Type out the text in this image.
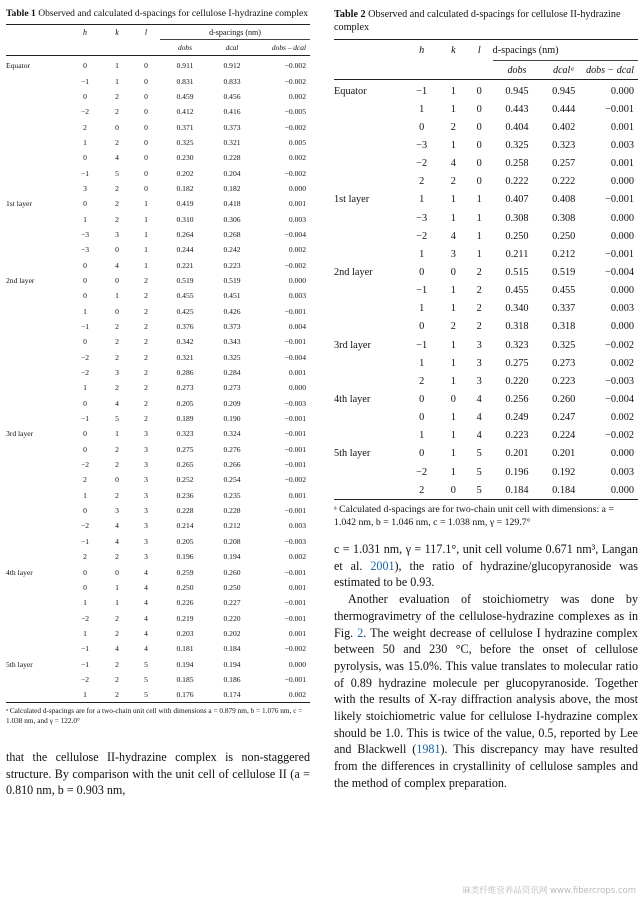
Table 1 Observed and calculated d-spacings for cellulose I-hydrazine complex
	h	k	l	d-spacings (nm)		
				dobs	dcal	dobs – dcal

Equator	0	1	0	0.911	0.912	−0.002
	−1	1	0	0.831	0.833	−0.002
	0	2	0	0.459	0.456	0.002
	−2	2	0	0.412	0.416	−0.005
	2	0	0	0.371	0.373	−0.002
	1	2	0	0.325	0.321	0.005
	0	4	0	0.230	0.228	0.002
	−1	5	0	0.202	0.204	−0.002
	3	2	0	0.182	0.182	0.000
1st layer	0	2	1	0.419	0.418	0.001
	1	2	1	0.310	0.306	0.003
	−3	3	1	0.264	0.268	−0.004
	−3	0	1	0.244	0.242	0.002
	0	4	1	0.221	0.223	−0.002
2nd layer	0	0	2	0.519	0.519	0.000
	0	1	2	0.455	0.451	0.003
	1	0	2	0.425	0.426	−0.001
	−1	2	2	0.376	0.373	0.004
	0	2	2	0.342	0.343	−0.001
	−2	2	2	0.321	0.325	−0.004
	−2	3	2	0.286	0.284	0.001
	1	2	2	0.273	0.273	0.000
	0	4	2	0.205	0.209	−0.003
	−1	5	2	0.189	0.190	−0.001
3rd layer	0	1	3	0.323	0.324	−0.001
	0	2	3	0.275	0.276	−0.001
	−2	2	3	0.265	0.266	−0.001
	2	0	3	0.252	0.254	−0.002
	1	2	3	0.236	0.235	0.001
	0	3	3	0.228	0.228	−0.001
	−2	4	3	0.214	0.212	0.003
	−1	4	3	0.205	0.208	−0.003
	2	2	3	0.196	0.194	0.002
4th layer	0	0	4	0.259	0.260	−0.001
	0	1	4	0.250	0.250	0.001
	1	1	4	0.226	0.227	−0.001
	−2	2	4	0.219	0.220	−0.001
	1	2	4	0.203	0.202	0.001
	−1	4	4	0.181	0.184	−0.002
5th layer	−1	2	5	0.194	0.194	0.000
	−2	2	5	0.185	0.186	−0.001
	1	2	5	0.176	0.174	0.002
ᵃ Calculated d-spacings are for a two-chain unit cell with dimensions a = 0.879 nm, b = 1.076 nm, c = 1.038 nm, and γ = 122.0°
that the cellulose II-hydrazine complex is non-staggered structure. By comparison with the unit cell of cellulose II (a = 0.810 nm, b = 0.903 nm,
Table 2 Observed and calculated d-spacings for cellulose II-hydrazine complex
	h	k	l	d-spacings (nm)		
				dobs	dcalᵃ	dobs − dcal

Equator	−1	1	0	0.945	0.945	0.000
	1	1	0	0.443	0.444	−0.001
	0	2	0	0.404	0.402	0.001
	−3	1	0	0.325	0.323	0.003
	−2	4	0	0.258	0.257	0.001
	2	2	0	0.222	0.222	0.000
1st layer	1	1	1	0.407	0.408	−0.001
	−3	1	1	0.308	0.308	0.000
	−2	4	1	0.250	0.250	0.000
	1	3	1	0.211	0.212	−0.001
2nd layer	0	0	2	0.515	0.519	−0.004
	−1	1	2	0.455	0.455	0.000
	1	1	2	0.340	0.337	0.003
	0	2	2	0.318	0.318	0.000
3rd layer	−1	1	3	0.323	0.325	−0.002
	1	1	3	0.275	0.273	0.002
	2	1	3	0.220	0.223	−0.003
4th layer	0	0	4	0.256	0.260	−0.004
	0	1	4	0.249	0.247	0.002
	1	1	4	0.223	0.224	−0.002
5th layer	0	1	5	0.201	0.201	0.000
	−2	1	5	0.196	0.192	0.003
	2	0	5	0.184	0.184	0.000
ᵃ Calculated d-spacings are for two-chain unit cell with dimensions: a = 1.042 nm, b = 1.046 nm, c = 1.038 nm, γ = 129.7°
c = 1.031 nm, γ = 117.1°, unit cell volume 0.671 nm³, Langan et al. 2001), the ratio of hydrazine/glucopyranoside was estimated to be 0.93.
Another evaluation of stoichiometry was done by thermogravimetry of the cellulose-hydrazine complexes as in Fig. 2. The weight decrease of cellulose I hydrazine complex between 50 and 230 °C, before the onset of cellulose pyrolysis, was 15.0%. This value translates to molecular ratio of 0.89 hydrazine molecule per glucopyranoside. Together with the results of X-ray diffraction analysis above, the most likely stoichiometric value for cellulose I-hydrazine complex should be 1.0. This is twice of the value, 0.5, reported by Lee and Blackwell (1981). This discrepancy may have resulted from the differences in crystallinity of cellulose samples and the method of complex preparation.
麻类纤维营养品资讯网 www.fibercrops.com
